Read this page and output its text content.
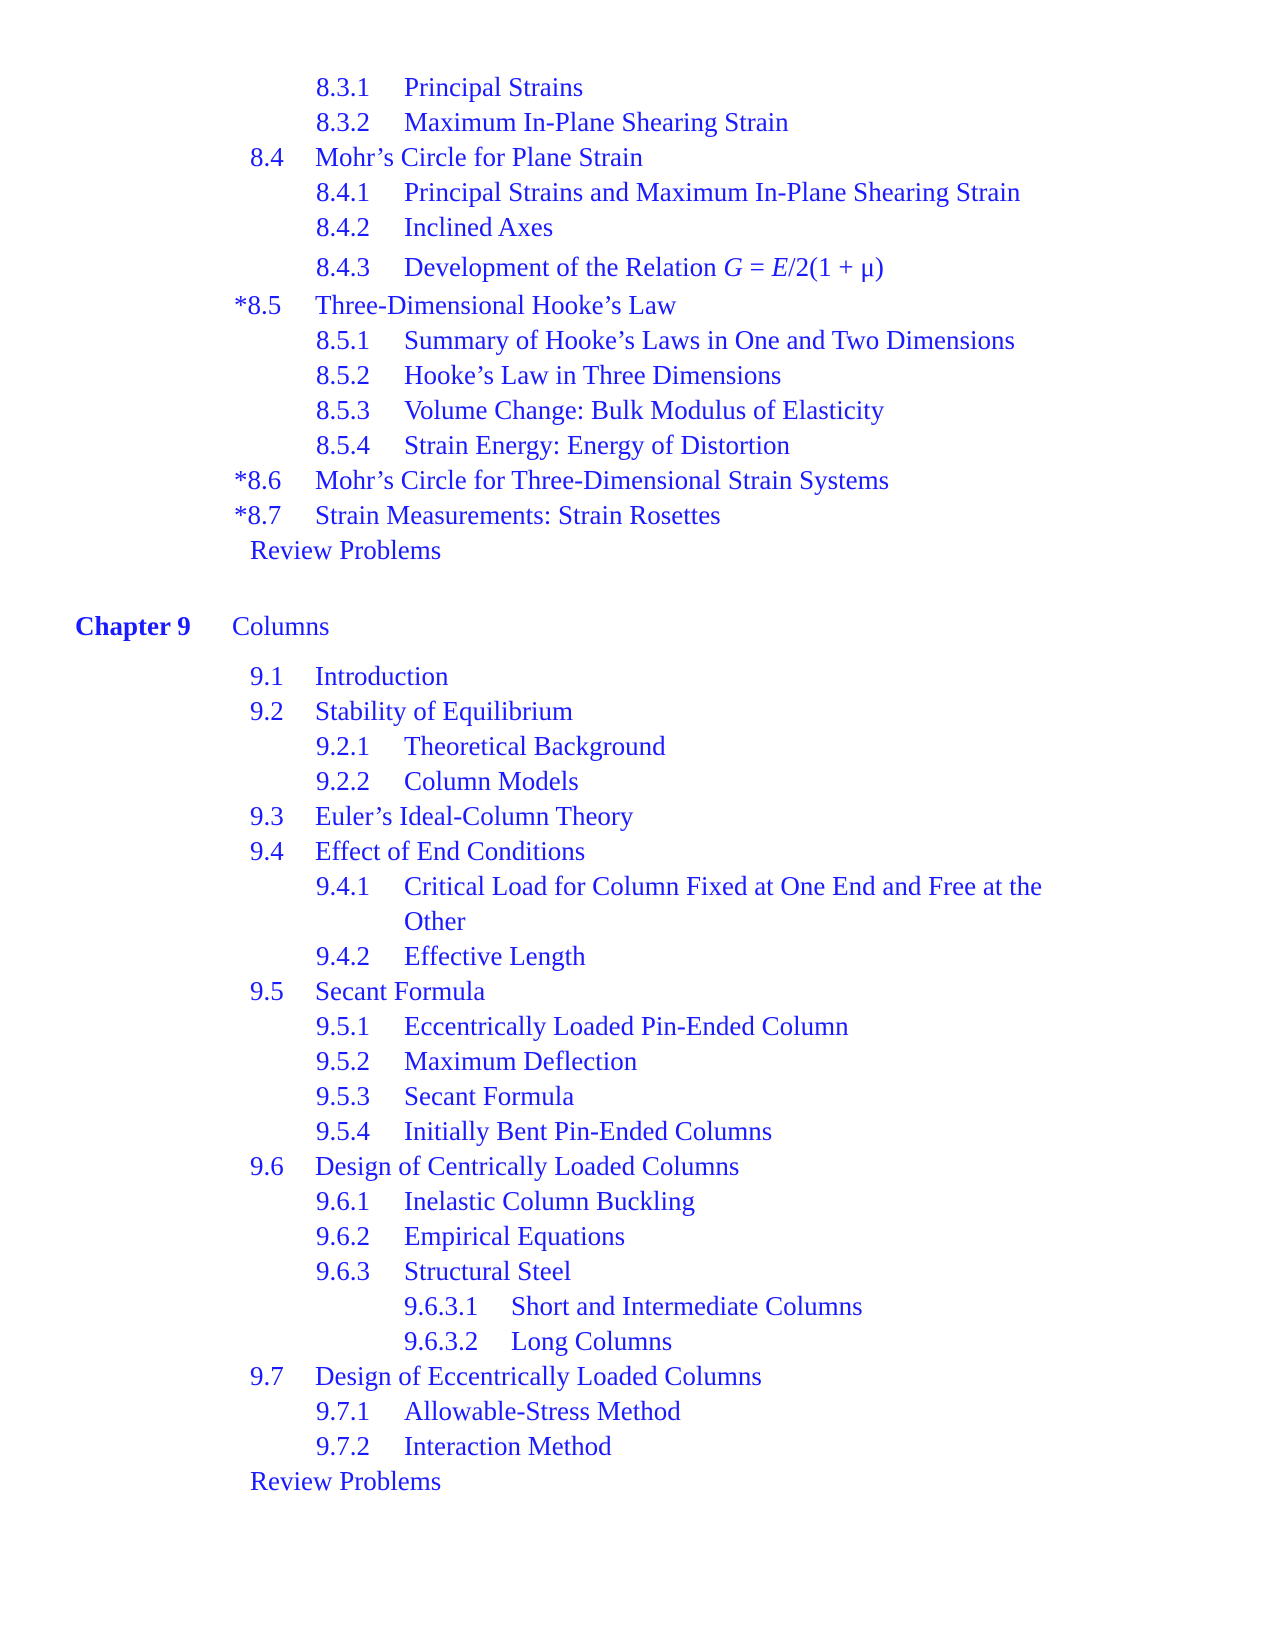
8.3.1 Principal Strains
8.3.2 Maximum In-Plane Shearing Strain
8.4 Mohr’s Circle for Plane Strain
8.4.1 Principal Strains and Maximum In-Plane Shearing Strain
8.4.2 Inclined Axes
8.4.3 Development of the Relation G = E/2(1 + μ)
*8.5 Three-Dimensional Hooke’s Law
8.5.1 Summary of Hooke’s Laws in One and Two Dimensions
8.5.2 Hooke’s Law in Three Dimensions
8.5.3 Volume Change: Bulk Modulus of Elasticity
8.5.4 Strain Energy: Energy of Distortion
*8.6 Mohr’s Circle for Three-Dimensional Strain Systems
*8.7 Strain Measurements: Strain Rosettes
Review Problems
Chapter 9 Columns
9.1 Introduction
9.2 Stability of Equilibrium
9.2.1 Theoretical Background
9.2.2 Column Models
9.3 Euler’s Ideal-Column Theory
9.4 Effect of End Conditions
9.4.1 Critical Load for Column Fixed at One End and Free at the
Other
9.4.2 Effective Length
9.5 Secant Formula
9.5.1 Eccentrically Loaded Pin-Ended Column
9.5.2 Maximum Deflection
9.5.3 Secant Formula
9.5.4 Initially Bent Pin-Ended Columns
9.6 Design of Centrically Loaded Columns
9.6.1 Inelastic Column Buckling
9.6.2 Empirical Equations
9.6.3 Structural Steel
9.6.3.1 Short and Intermediate Columns
9.6.3.2 Long Columns
9.7 Design of Eccentrically Loaded Columns
9.7.1 Allowable-Stress Method
9.7.2 Interaction Method
Review Problems
